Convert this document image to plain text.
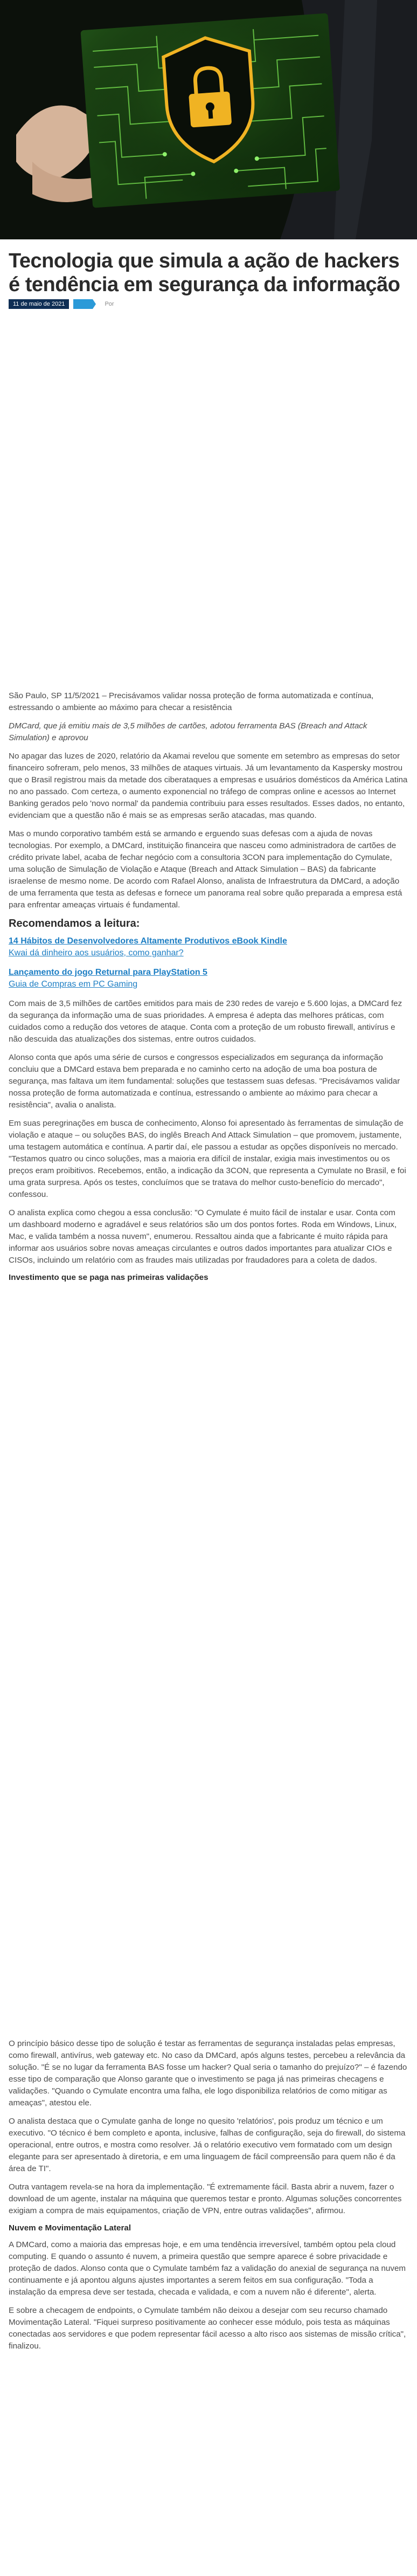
Tecnologia que simula a ação de hackers é tendência em segurança da informação
11 de maio de 2021	Por

São Paulo, SP 11/5/2021 – Precisávamos validar nossa proteção de forma automatizada e contínua, estressando o ambiente ao máximo para checar a resistência

DMCard, que já emitiu mais de 3,5 milhões de cartões, adotou ferramenta BAS (Breach and Attack Simulation) e aprovou

No apagar das luzes de 2020, relatório da Akamai revelou que somente em setembro as empresas do setor financeiro sofreram, pelo menos, 33 milhões de ataques virtuais. Já um levantamento da Kaspersky mostrou que o Brasil registrou mais da metade dos ciberataques a empresas e usuários domésticos da América Latina no ano passado. Com certeza, o aumento exponencial no tráfego de compras online e acessos ao Internet Banking gerados pelo 'novo normal' da pandemia contribuiu para esses resultados. Esses dados, no entanto, evidenciam que a questão não é mais se as empresas serão atacadas, mas quando.

Mas o mundo corporativo também está se armando e erguendo suas defesas com a ajuda de novas tecnologias. Por exemplo, a DMCard, instituição financeira que nasceu como administradora de cartões de crédito private label, acaba de fechar negócio com a consultoria 3CON para implementação do Cymulate, uma solução de Simulação de Violação e Ataque (Breach and Attack Simulation – BAS) da fabricante israelense de mesmo nome. De acordo com Rafael Alonso, analista de Infraestrutura da DMCard, a adoção de uma ferramenta que testa as defesas e fornece um panorama real sobre quão preparada a empresa está para enfrentar ameaças virtuais é fundamental.

Recomendamos a leitura:
14 Hábitos de Desenvolvedores Altamente Produtivos eBook Kindle
Kwai dá dinheiro aos usuários, como ganhar?
Lançamento do jogo Returnal para PlayStation 5
Guia de Compras em PC Gaming

Com mais de 3,5 milhões de cartões emitidos para mais de 230 redes de varejo e 5.600 lojas, a DMCard fez da segurança da informação uma de suas prioridades. A empresa é adepta das melhores práticas, com cuidados como a redução dos vetores de ataque. Conta com a proteção de um robusto firewall, antivírus e não descuida das atualizações dos sistemas, entre outros cuidados.

Alonso conta que após uma série de cursos e congressos especializados em segurança da informação concluiu que a DMCard estava bem preparada e no caminho certo na adoção de uma boa postura de segurança, mas faltava um item fundamental: soluções que testassem suas defesas. "Precisávamos validar nossa proteção de forma automatizada e contínua, estressando o ambiente ao máximo para checar a resistência", avalia o analista.

Em suas peregrinações em busca de conhecimento, Alonso foi apresentado às ferramentas de simulação de violação e ataque – ou soluções BAS, do inglês Breach And Attack Simulation – que promovem, justamente, uma testagem automática e contínua. A partir daí, ele passou a estudar as opções disponíveis no mercado. "Testamos quatro ou cinco soluções, mas a maioria era difícil de instalar, exigia mais investimentos ou os preços eram proibitivos. Recebemos, então, a indicação da 3CON, que representa a Cymulate no Brasil, e foi uma grata surpresa. Após os testes, concluímos que se tratava do melhor custo-benefício do mercado", confessou.

O analista explica como chegou a essa conclusão: "O Cymulate é muito fácil de instalar e usar. Conta com um dashboard moderno e agradável e seus relatórios são um dos pontos fortes. Roda em Windows, Linux, Mac, e valida também a nossa nuvem", enumerou. Ressaltou ainda que a fabricante é muito rápida para informar aos usuários sobre novas ameaças circulantes e outros dados importantes para atualizar CIOs e CISOs, incluindo um relatório com as fraudes mais utilizadas por fraudadores para a coleta de dados.

Investimento que se paga nas primeiras validações

O princípio básico desse tipo de solução é testar as ferramentas de segurança instaladas pelas empresas, como firewall, antivírus, web gateway etc. No caso da DMCard, após alguns testes, percebeu a relevância da solução. "É se no lugar da ferramenta BAS fosse um hacker? Qual seria o tamanho do prejuízo?" – é fazendo esse tipo de comparação que Alonso garante que o investimento se paga já nas primeiras checagens e validações. "Quando o Cymulate encontra uma falha, ele logo disponibiliza relatórios de como mitigar as ameaças", atestou ele.

O analista destaca que o Cymulate ganha de longe no quesito 'relatórios', pois produz um técnico e um executivo. "O técnico é bem completo e aponta, inclusive, falhas de configuração, seja do firewall, do sistema operacional, entre outros, e mostra como resolver. Já o relatório executivo vem formatado com um design elegante para ser apresentado à diretoria, e em uma linguagem de fácil compreensão para quem não é da área de TI".

Outra vantagem revela-se na hora da implementação. "É extremamente fácil. Basta abrir a nuvem, fazer o download de um agente, instalar na máquina que queremos testar e pronto. Algumas soluções concorrentes exigiam a compra de mais equipamentos, criação de VPN, entre outras validações", afirmou.

Nuvem e Movimentação Lateral

A DMCard, como a maioria das empresas hoje, e em uma tendência irreversível, também optou pela cloud computing. E quando o assunto é nuvem, a primeira questão que sempre aparece é sobre privacidade e proteção de dados. Alonso conta que o Cymulate também faz a validação do anexial de segurança na nuvem continuamente e já apontou alguns ajustes importantes a serem feitos em sua configuração. "Toda a instalação da empresa deve ser testada, checada e validada, e com a nuvem não é diferente", alerta.

E sobre a checagem de endpoints, o Cymulate também não deixou a desejar com seu recurso chamado Movimentação Lateral. "Fiquei surpreso positivamente ao conhecer esse módulo, pois testa as máquinas conectadas aos servidores e que podem representar fácil acesso a alto risco aos sistemas de missão crítica", finalizou.
